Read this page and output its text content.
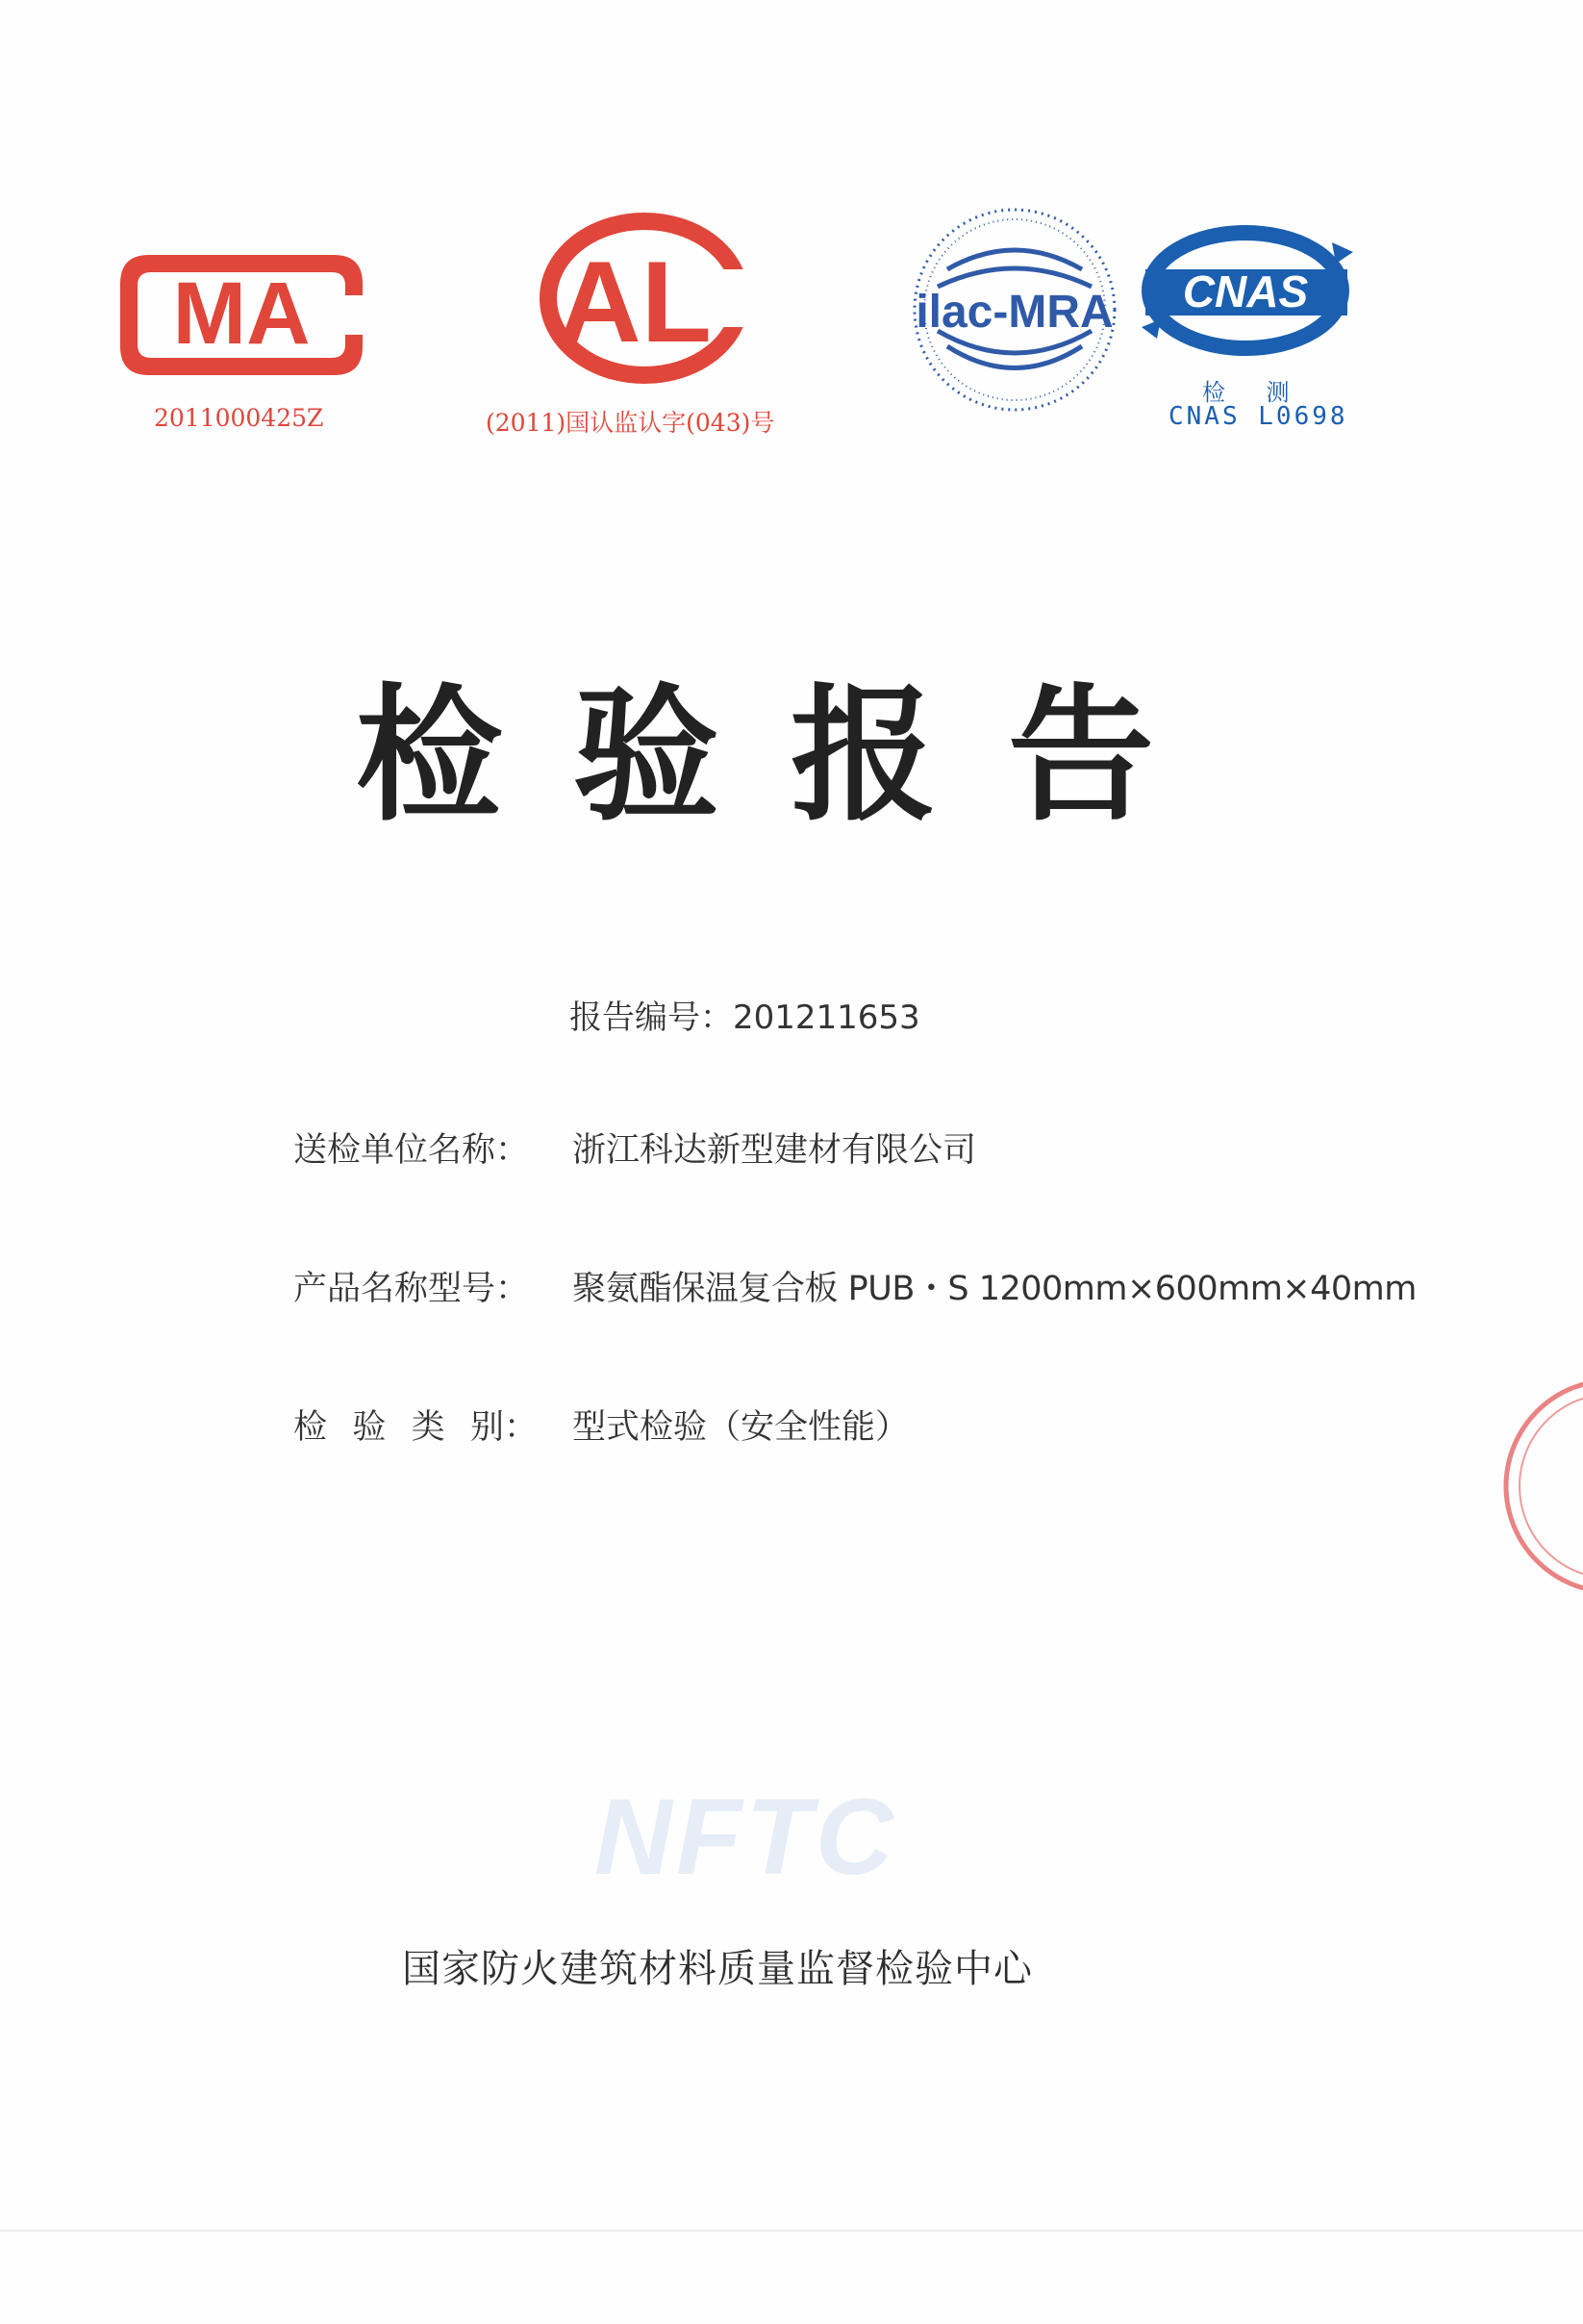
MA
2011000425Z
AL
(2011)国认监认字(043)号
ilac-MRA CNAS
检 测
CNAS L0698
检 验 报 告
报告编号：201211653
送检单位名称：	浙江科达新型建材有限公司
产品名称型号：	聚氨酯保温复合板 PUB・S 1200mm×600mm×40mm
检 验 类 别： 型式检验（安全性能）
NFTC
国家防火建筑材料质量监督检验中心
